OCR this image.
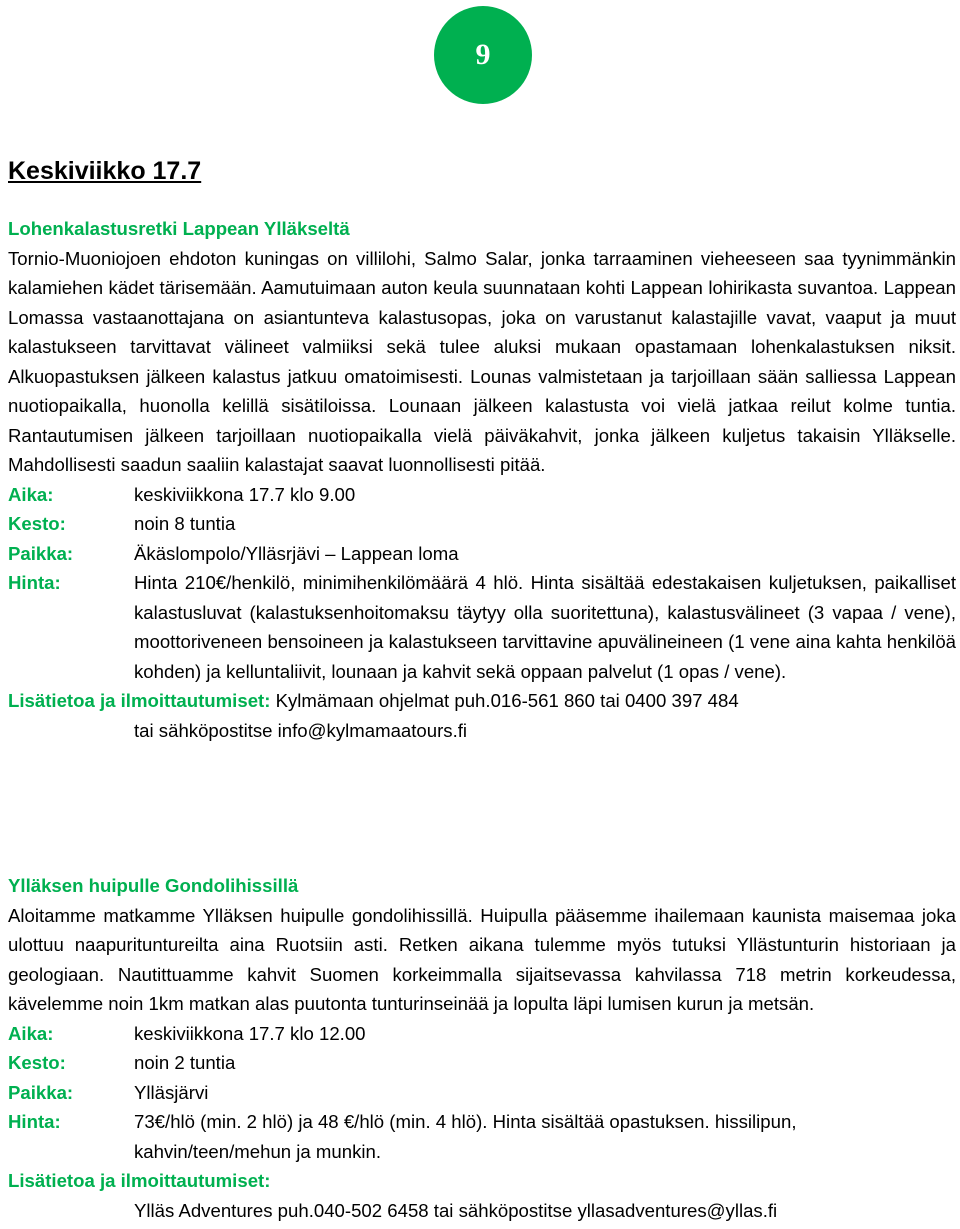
9
Keskiviikko 17.7

Lohenkalastusretki Lappean Ylläkseltä

Tornio-Muoniojoen ehdoton kuningas on villilohi, Salmo Salar, jonka tarraaminen vieheeseen saa tyynimmänkin kalamiehen kädet tärisemään. Aamutuimaan auton keula suunnataan kohti Lappean lohirikasta suvantoa. Lappean Lomassa vastaanottajana on asiantunteva kalastusopas, joka on varustanut kalastajille vavat, vaaput ja muut kalastukseen tarvittavat välineet valmiiksi sekä tulee aluksi mukaan opastamaan lohenkalastuksen niksit. Alkuopastuksen jälkeen kalastus jatkuu omatoimisesti. Lounas valmistetaan ja tarjoillaan sään salliessa Lappean nuotiopaikalla, huonolla kelillä sisätiloissa. Lounaan jälkeen kalastusta voi vielä jatkaa reilut kolme tuntia. Rantautumisen jälkeen tarjoillaan nuotiopaikalla vielä päiväkahvit, jonka jälkeen kuljetus takaisin Ylläkselle. Mahdollisesti saadun saaliin kalastajat saavat luonnollisesti pitää.

Aika:	keskiviikkona 17.7 klo 9.00
Kesto:	noin 8 tuntia
Paikka:	Äkäslompolo/Ylläsrjävi – Lappean loma
Hinta:	Hinta 210€/henkilö, minimihenkilömäärä 4 hlö. Hinta sisältää edestakaisen kuljetuksen, paikalliset kalastusluvat (kalastuksenhoitomaksu täytyy olla suoritettuna), kalastusvälineet (3 vapaa / vene), moottoriveneen bensoineen ja kalastukseen tarvittavine apuvälineineen (1 vene aina kahta henkilöä kohden) ja kelluntaliivit, lounaan ja kahvit sekä oppaan palvelut (1 opas / vene).
Lisätietoa ja ilmoittautumiset: Kylmämaan ohjelmat puh.016-561 860 tai 0400 397 484
tai sähköpostitse info@kylmamaatours.fi

Ylläksen huipulle Gondolihissillä

Aloitamme matkamme Ylläksen huipulle gondolihissillä. Huipulla pääsemme ihailemaan kaunista maisemaa joka ulottuu naapurituntureilta aina Ruotsiin asti. Retken aikana tulemme myös tutuksi Yllästunturin historiaan ja geologiaan. Nautittuamme kahvit Suomen korkeimmalla sijaitsevassa kahvilassa 718 metrin korkeudessa, kävelemme noin 1km matkan alas puutonta tunturinseinää ja lopulta läpi lumisen kurun ja metsän.

Aika:	keskiviikkona 17.7 klo 12.00
Kesto:	noin 2 tuntia
Paikka:	Ylläsjärvi
Hinta:	73€/hlö (min. 2 hlö) ja 48 €/hlö (min. 4 hlö). Hinta sisältää opastuksen. hissilipun, kahvin/teen/mehun ja munkin.
Lisätietoa ja ilmoittautumiset:
Ylläs Adventures puh.040-502 6458 tai sähköpostitse yllasadventures@yllas.fi
